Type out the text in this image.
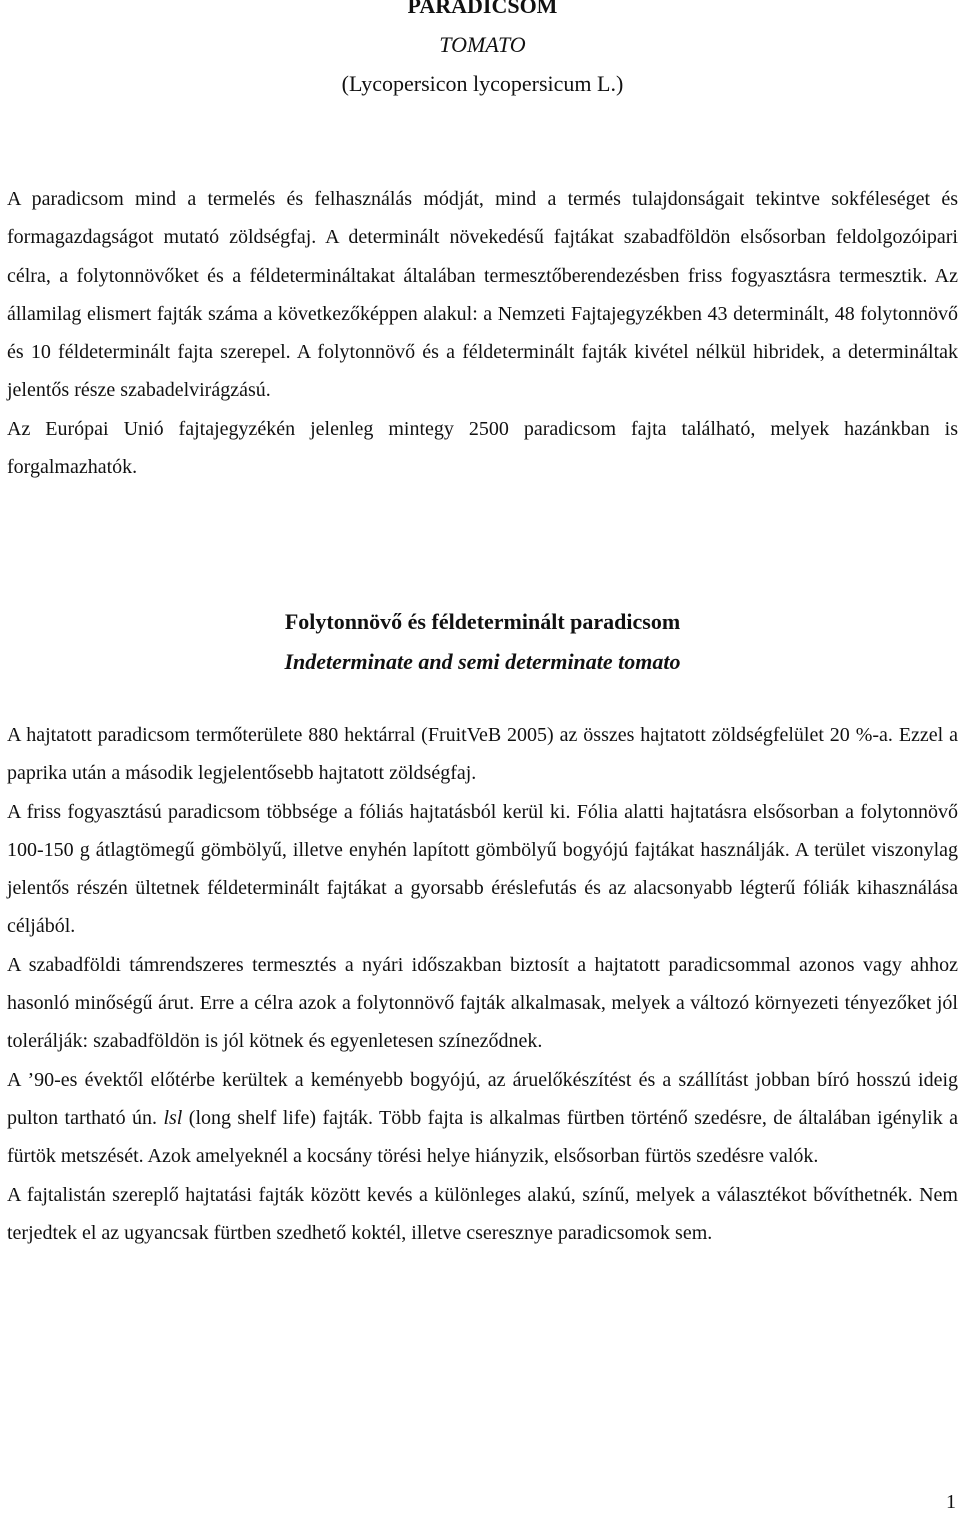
PARADICSOM
TOMATO
(Lycopersicon lycopersicum L.)

A paradicsom mind a termelés és felhasználás módját, mind a termés tulajdonságait tekintve sokféleséget és formagazdagságot mutató zöldségfaj. A determinált növekedésű fajtákat szabadföldön elsősorban feldolgozóipari célra, a folytonnövőket és a féldetermináltakat általában termesztőberendezésben friss fogyasztásra termesztik. Az államilag elismert fajták száma a következőképpen alakul: a Nemzeti Fajtajegyzékben 43 determinált, 48 folytonnövő és 10 féldeterminált fajta szerepel. A folytonnövő és a féldeterminált fajták kivétel nélkül hibridek, a determináltak jelentős része szabadelvirágzású.

Az Európai Unió fajtajegyzékén jelenleg mintegy 2500 paradicsom fajta található, melyek hazánkban is forgalmazhatók.

Folytonnövő és féldeterminált paradicsom
Indeterminate and semi determinate tomato

A hajtatott paradicsom termőterülete 880 hektárral (FruitVeB 2005) az összes hajtatott zöldségfelület 20 %-a. Ezzel a paprika után a második legjelentősebb hajtatott zöldségfaj.

A friss fogyasztású paradicsom többsége a fóliás hajtatásból kerül ki. Fólia alatti hajtatásra elsősorban a folytonnövő 100-150 g átlagtömegű gömbölyű, illetve enyhén lapított gömbölyű bogyójú fajtákat használják. A terület viszonylag jelentős részén ültetnek féldeterminált fajtákat a gyorsabb éréslefutás és az alacsonyabb légterű fóliák kihasználása céljából.

A szabadföldi támrendszeres termesztés a nyári időszakban biztosít a hajtatott paradicsommal azonos vagy ahhoz hasonló minőségű árut. Erre a célra azok a folytonnövő fajták alkalmasak, melyek a változó környezeti tényezőket jól tolerálják: szabadföldön is jól kötnek és egyenletesen színeződnek.

A ’90-es évektől előtérbe kerültek a keményebb bogyójú, az áruelőkészítést és a szállítást jobban bíró hosszú ideig pulton tartható ún. lsl (long shelf life) fajták. Több fajta is alkalmas fürtben történő szedésre, de általában igénylik a fürtök metszését. Azok amelyeknél a kocsány törési helye hiányzik, elsősorban fürtös szedésre valók.

A fajtalistán szereplő hajtatási fajták között kevés a különleges alakú, színű, melyek a választékot bővíthetnék. Nem terjedtek el az ugyancsak fürtben szedhető koktél, illetve cseresznye paradicsomok sem.

1
